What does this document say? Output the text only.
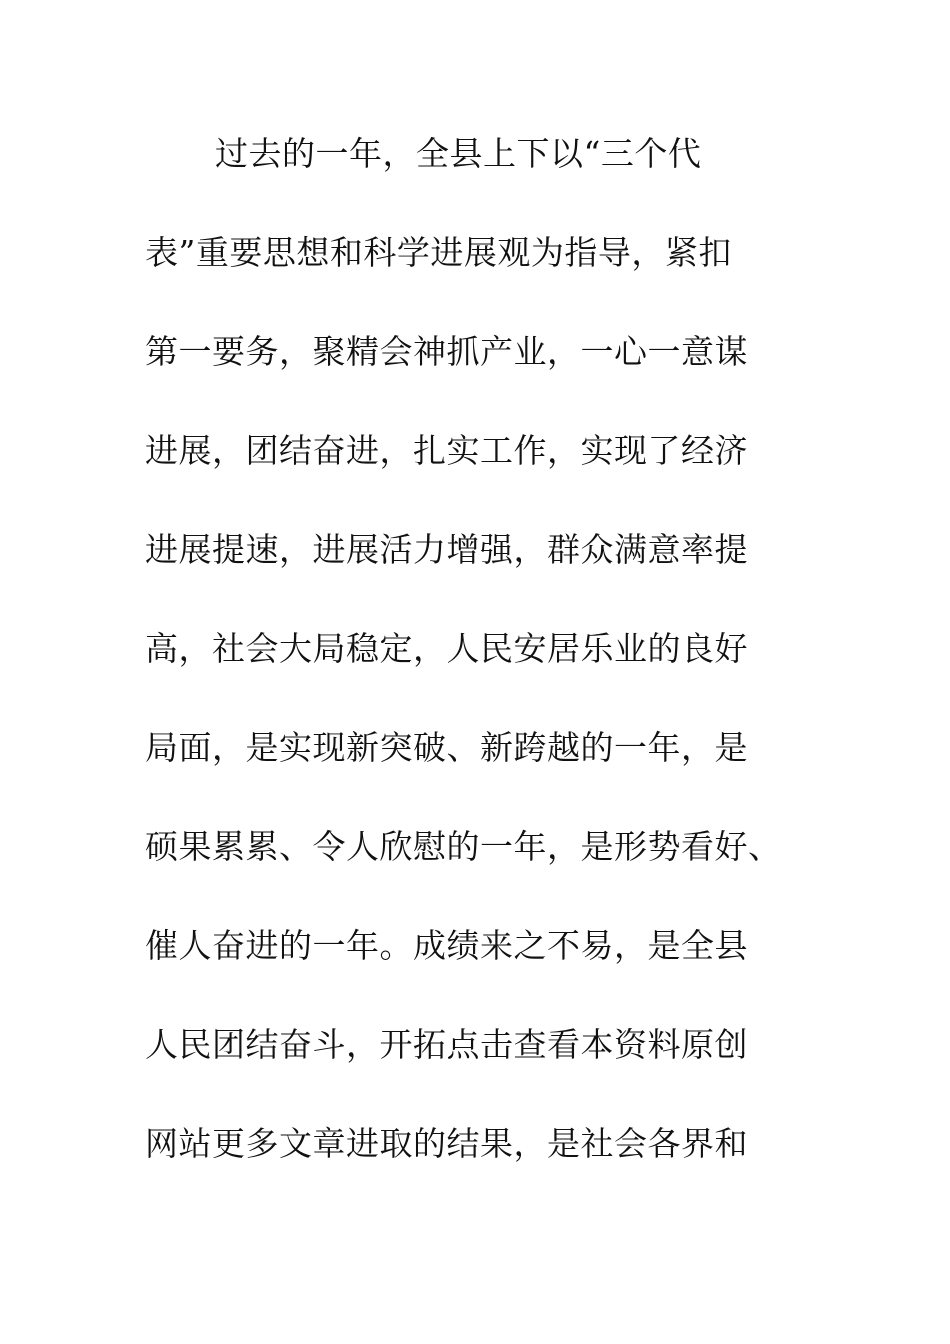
过去的一年，全县上下以“三个代
表”重要思想和科学进展观为指导，紧扣
第一要务，聚精会神抓产业，一心一意谋
进展，团结奋进，扎实工作，实现了经济
进展提速，进展活力增强，群众满意率提
高，社会大局稳定，人民安居乐业的良好
局面，是实现新突破、新跨越的一年，是
硕果累累、令人欣慰的一年，是形势看好、
催人奋进的一年。成绩来之不易，是全县
人民团结奋斗，开拓点击查看本资料原创
网站更多文章进取的结果，是社会各界和
